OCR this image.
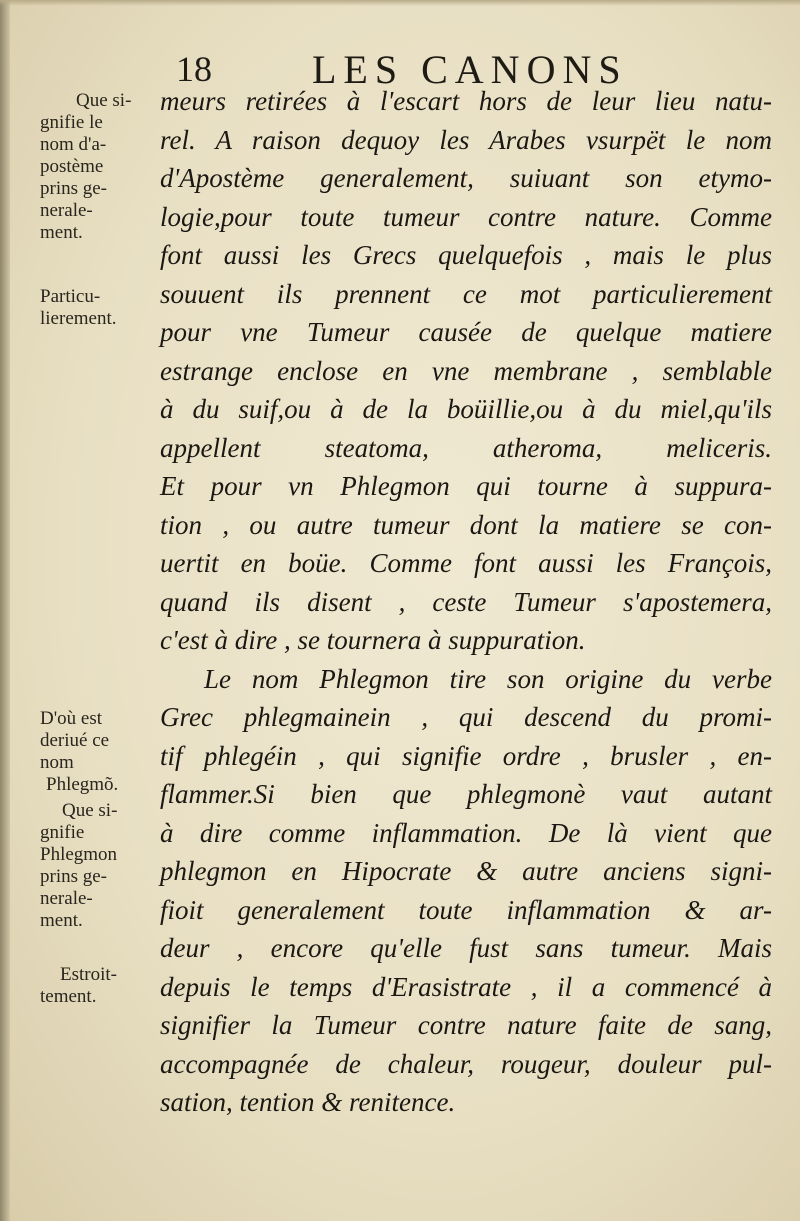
18	LES CANONS
Que si-
gnifie le
nom d'a-
postème
prins ge-
nerale-
ment.
Particu-
lierement.
D'où est
deriué ce
nom
Phlegmõ.
Que si-
gnifie
Phlegmon
prins ge-
nerale-
ment.
Estroit-
tement.
meurs retirées à l'escart hors de leur lieu natu-
rel. A raison dequoy les Arabes vsurpët le nom
d'Apostème generalement, suiuant son etymo-
logie,pour toute tumeur contre nature. Comme
font aussi les Grecs quelquefois , mais le plus
souuent ils prennent ce mot particulierement
pour vne Tumeur causée de quelque matiere
estrange enclose en vne membrane , semblable
à du suif,ou à de la boüillie,ou à du miel,qu'ils
appellent steatoma, atheroma, meliceris.
Et pour vn Phlegmon qui tourne à suppura-
tion , ou autre tumeur dont la matiere se con-
uertit en boüe. Comme font aussi les François,
quand ils disent , ceste Tumeur s'apostemera,
c'est à dire , se tournera à suppuration.
Le nom Phlegmon tire son origine du verbe
Grec phlegmainein , qui descend du promi-
tif phlegéin , qui signifie ordre , brusler , en-
flammer.Si bien que phlegmonè vaut autant
à dire comme inflammation. De là vient que
phlegmon en Hipocrate & autre anciens signi-
fioit generalement toute inflammation & ar-
deur , encore qu'elle fust sans tumeur. Mais
depuis le temps d'Erasistrate , il a commencé à
signifier la Tumeur contre nature faite de sang,
accompagnée de chaleur, rougeur, douleur pul-
sation, tention & renitence.
